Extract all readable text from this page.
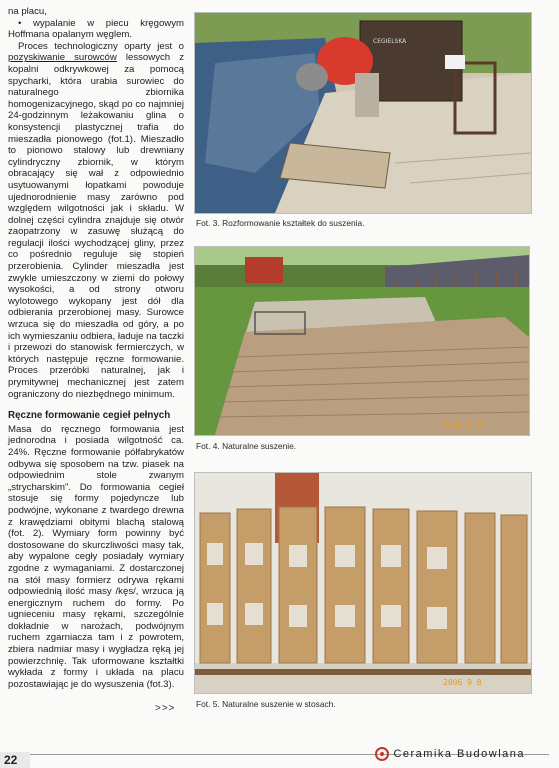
na placu,

• wypalanie w piecu kręgowym Hoffmana opalanym węglem.

Proces technologiczny oparty jest o pozyskiwanie surowców lessowych z kopalni odkrywkowej za pomocą spycharki, która urabia surowiec do naturalnego zbiornika homogenizacyjnego, skąd po co najmniej 24-godzinnym leżakowaniu glina o konsystencji plastycznej trafia do mieszadła pionowego (fot.1). Mieszadło to pionowo stalowy lub drewniany cylindryczny zbiornik, w którym obracający się wał z odpowiednio usytuowanymi łopatkami powoduje ujednorodnienie masy zarówno pod względem wilgotności jak i składu. W dolnej części cylindra znajduje się otwór zaopatrzony w zasuwę służącą do regulacji ilości wychodzącej gliny, przez co pośrednio reguluje się stopień przerobienia. Cylinder mieszadła jest zwykle umieszczony w ziemi do połowy wysokości, a od strony otworu wylotowego wykopany jest dół dla odbierania przerobionej masy. Surowce wrzuca się do mieszadła od góry, a po ich wymieszaniu odbiera, ładuje na taczki i przewozi do stanowisk fermierczych, w których następuje ręczne formowanie. Proces przeróbki naturalnej, jak i prymitywnej mechanicznej jest zatem ograniczony do niezbędnego minimum.

Ręczne formowanie cegieł pełnych

Masa do ręcznego formowania jest jednorodna i posiada wilgotność ca. 24%. Ręczne formowanie półfabrykatów odbywa się sposobem na tzw. piasek na odpowiednim stole zwanym „strycharskim". Do formowania cegieł stosuje się formy pojedyncze lub podwójne, wykonane z twardego drewna z krawędziami obitymi blachą stalową (fot. 2). Wymiary form powinny być dostosowane do skurczliwości masy tak, aby wypalone cegły posiadały wymiary zgodne z wymaganiami. Z dostarczonej na stół masy formierz odrywa rękami odpowiednią ilość masy /kęs/, wrzuca ją energicznym ruchem do formy. Po ugnieceniu masy rękami, szczególnie dokładnie w narożach, podwójnym ruchem zgarniacza tam i z powrotem, zbiera nadmiar masy i wygładza ręką jej powierzchnię. Tak uformowane kształtki wykłada z formy i układa na placu pozostawiając je do wysuszenia (fot.3).

CEGIELSKA
Fot. 3. Rozformowanie kształtek do suszenia.
2006 9 8
Fot. 4. Naturalne suszenie.
2006 9 8
Fot. 5. Naturalne suszenie w stosach.
>>>
22	Ceramika Budowlana
